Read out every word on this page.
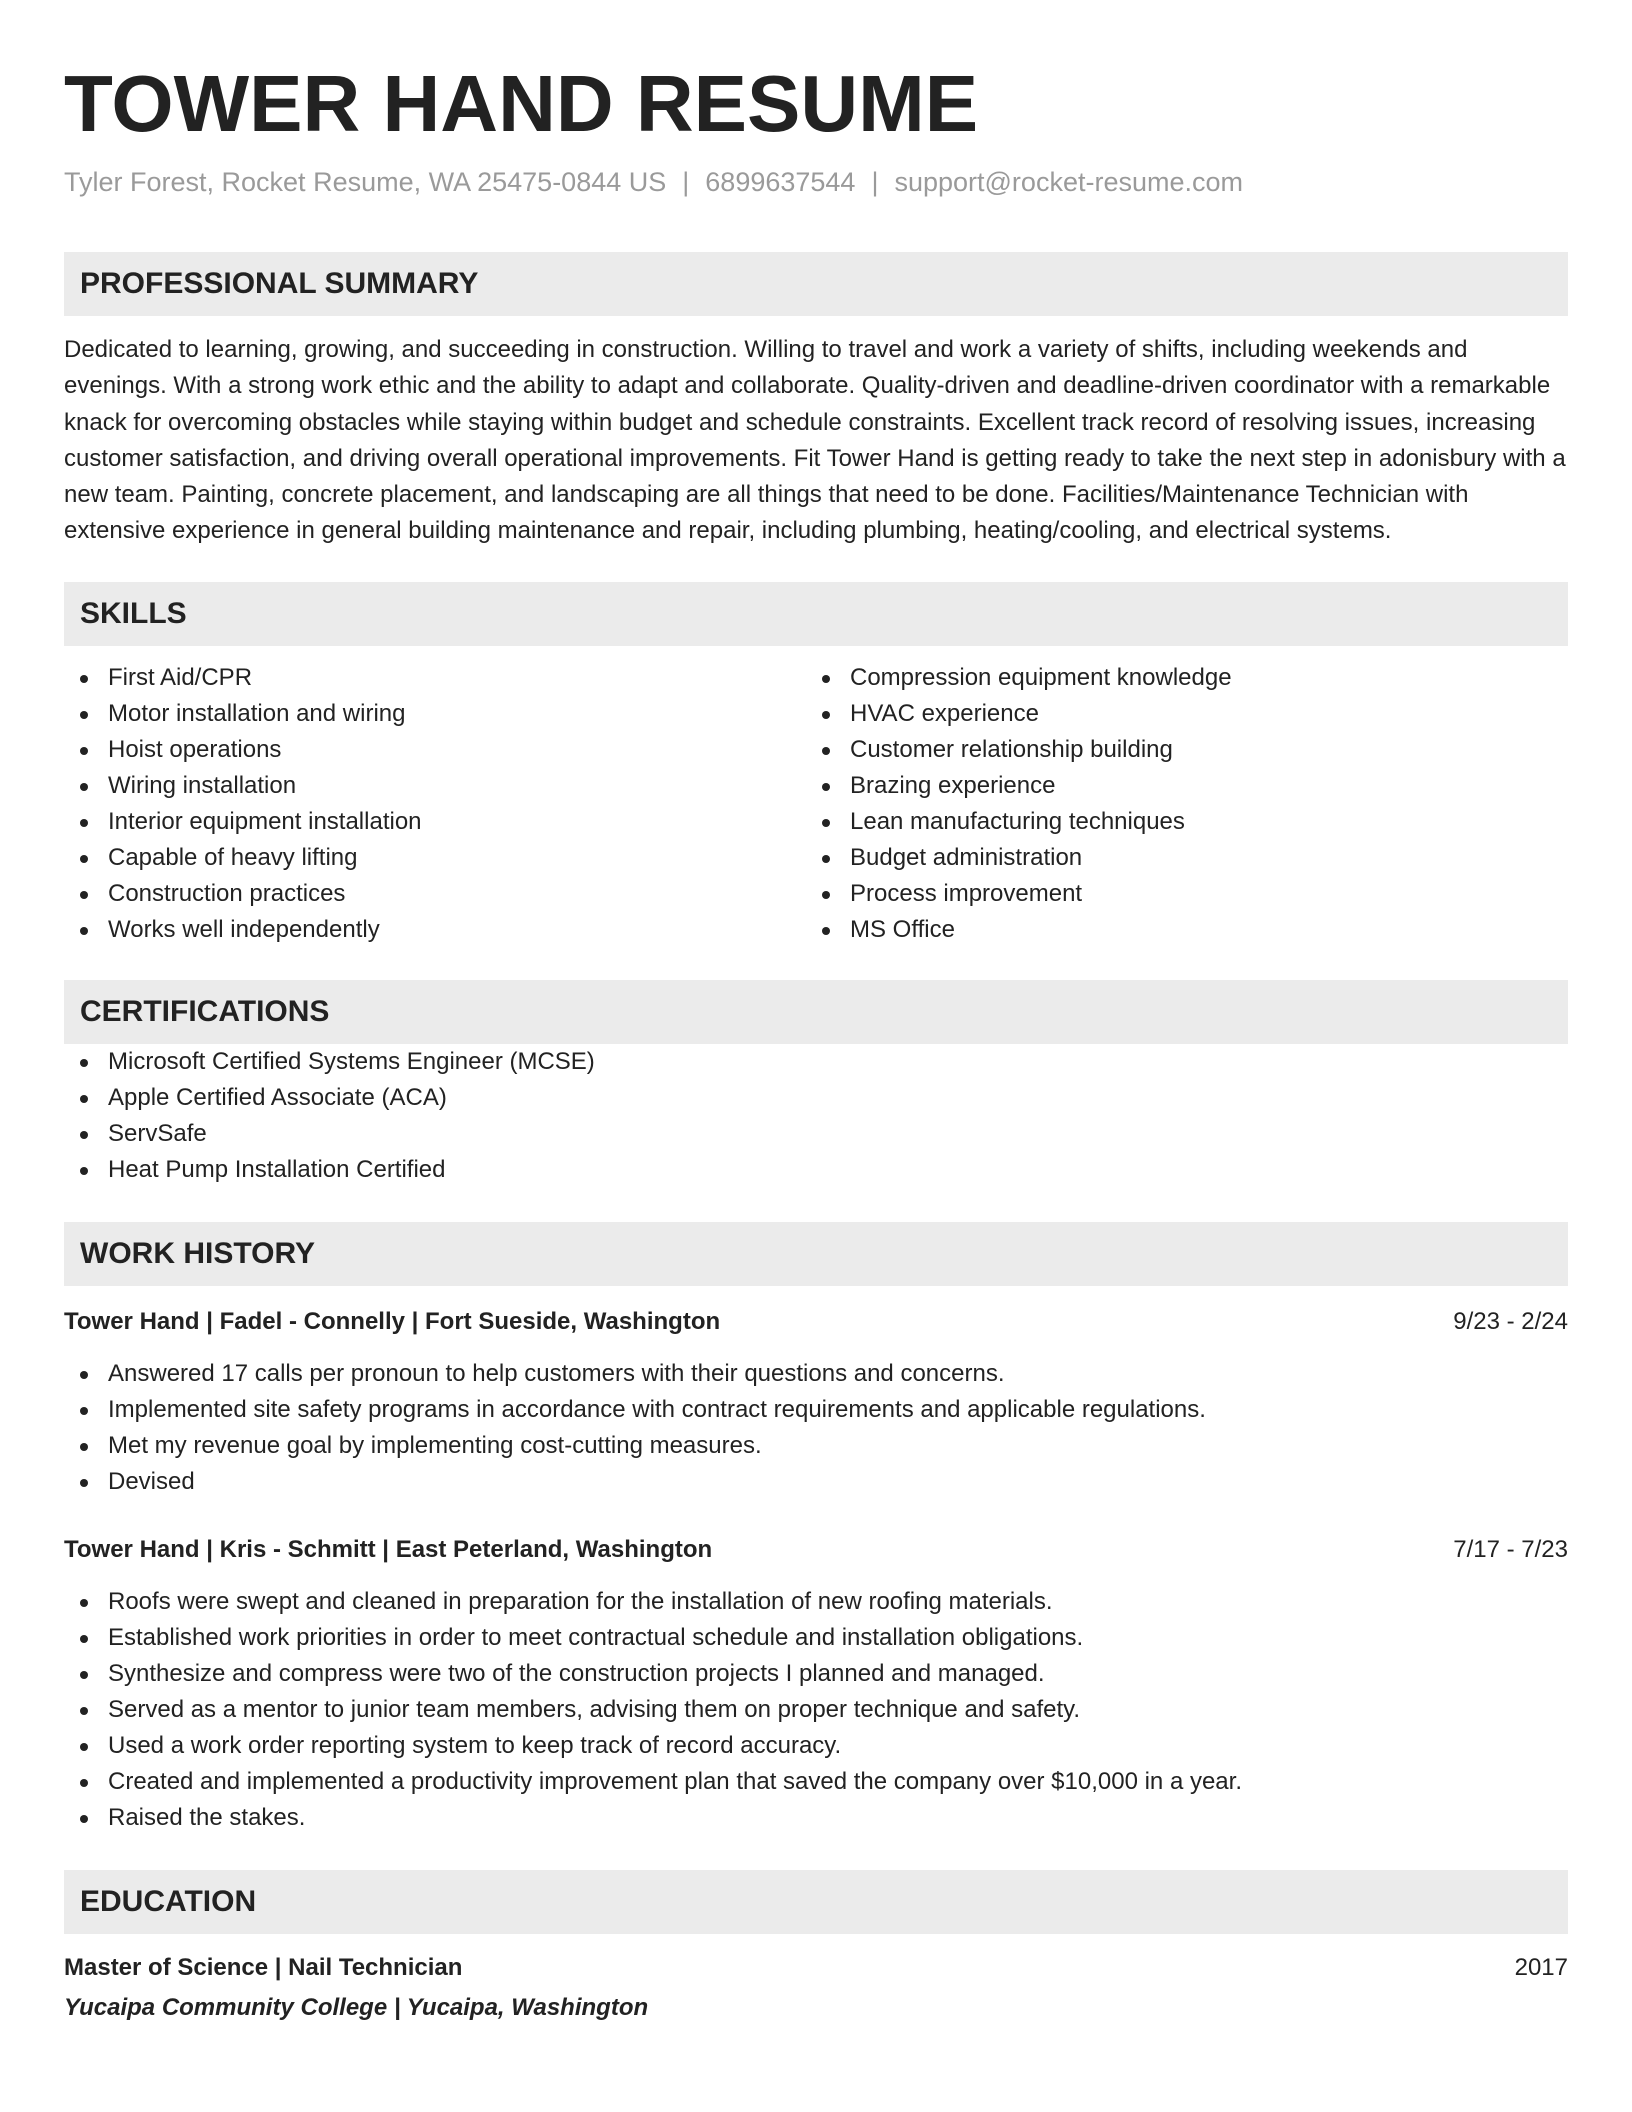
TOWER HAND RESUME
Tyler Forest, Rocket Resume, WA 25475-0844 US | 6899637544 | support@rocket-resume.com
PROFESSIONAL SUMMARY
Dedicated to learning, growing, and succeeding in construction. Willing to travel and work a variety of shifts, including weekends and evenings. With a strong work ethic and the ability to adapt and collaborate. Quality-driven and deadline-driven coordinator with a remarkable knack for overcoming obstacles while staying within budget and schedule constraints. Excellent track record of resolving issues, increasing customer satisfaction, and driving overall operational improvements. Fit Tower Hand is getting ready to take the next step in adonisbury with a new team. Painting, concrete placement, and landscaping are all things that need to be done. Facilities/Maintenance Technician with extensive experience in general building maintenance and repair, including plumbing, heating/cooling, and electrical systems.
SKILLS
First Aid/CPR
Motor installation and wiring
Hoist operations
Wiring installation
Interior equipment installation
Capable of heavy lifting
Construction practices
Works well independently
Compression equipment knowledge
HVAC experience
Customer relationship building
Brazing experience
Lean manufacturing techniques
Budget administration
Process improvement
MS Office
CERTIFICATIONS
Microsoft Certified Systems Engineer (MCSE)
Apple Certified Associate (ACA)
ServSafe
Heat Pump Installation Certified
WORK HISTORY
Tower Hand | Fadel - Connelly | Fort Sueside, Washington	9/23 - 2/24
Answered 17 calls per pronoun to help customers with their questions and concerns.
Implemented site safety programs in accordance with contract requirements and applicable regulations.
Met my revenue goal by implementing cost-cutting measures.
Devised
Tower Hand | Kris - Schmitt | East Peterland, Washington	7/17 - 7/23
Roofs were swept and cleaned in preparation for the installation of new roofing materials.
Established work priorities in order to meet contractual schedule and installation obligations.
Synthesize and compress were two of the construction projects I planned and managed.
Served as a mentor to junior team members, advising them on proper technique and safety.
Used a work order reporting system to keep track of record accuracy.
Created and implemented a productivity improvement plan that saved the company over $10,000 in a year.
Raised the stakes.
EDUCATION
Master of Science | Nail Technician	2017
Yucaipa Community College | Yucaipa, Washington
